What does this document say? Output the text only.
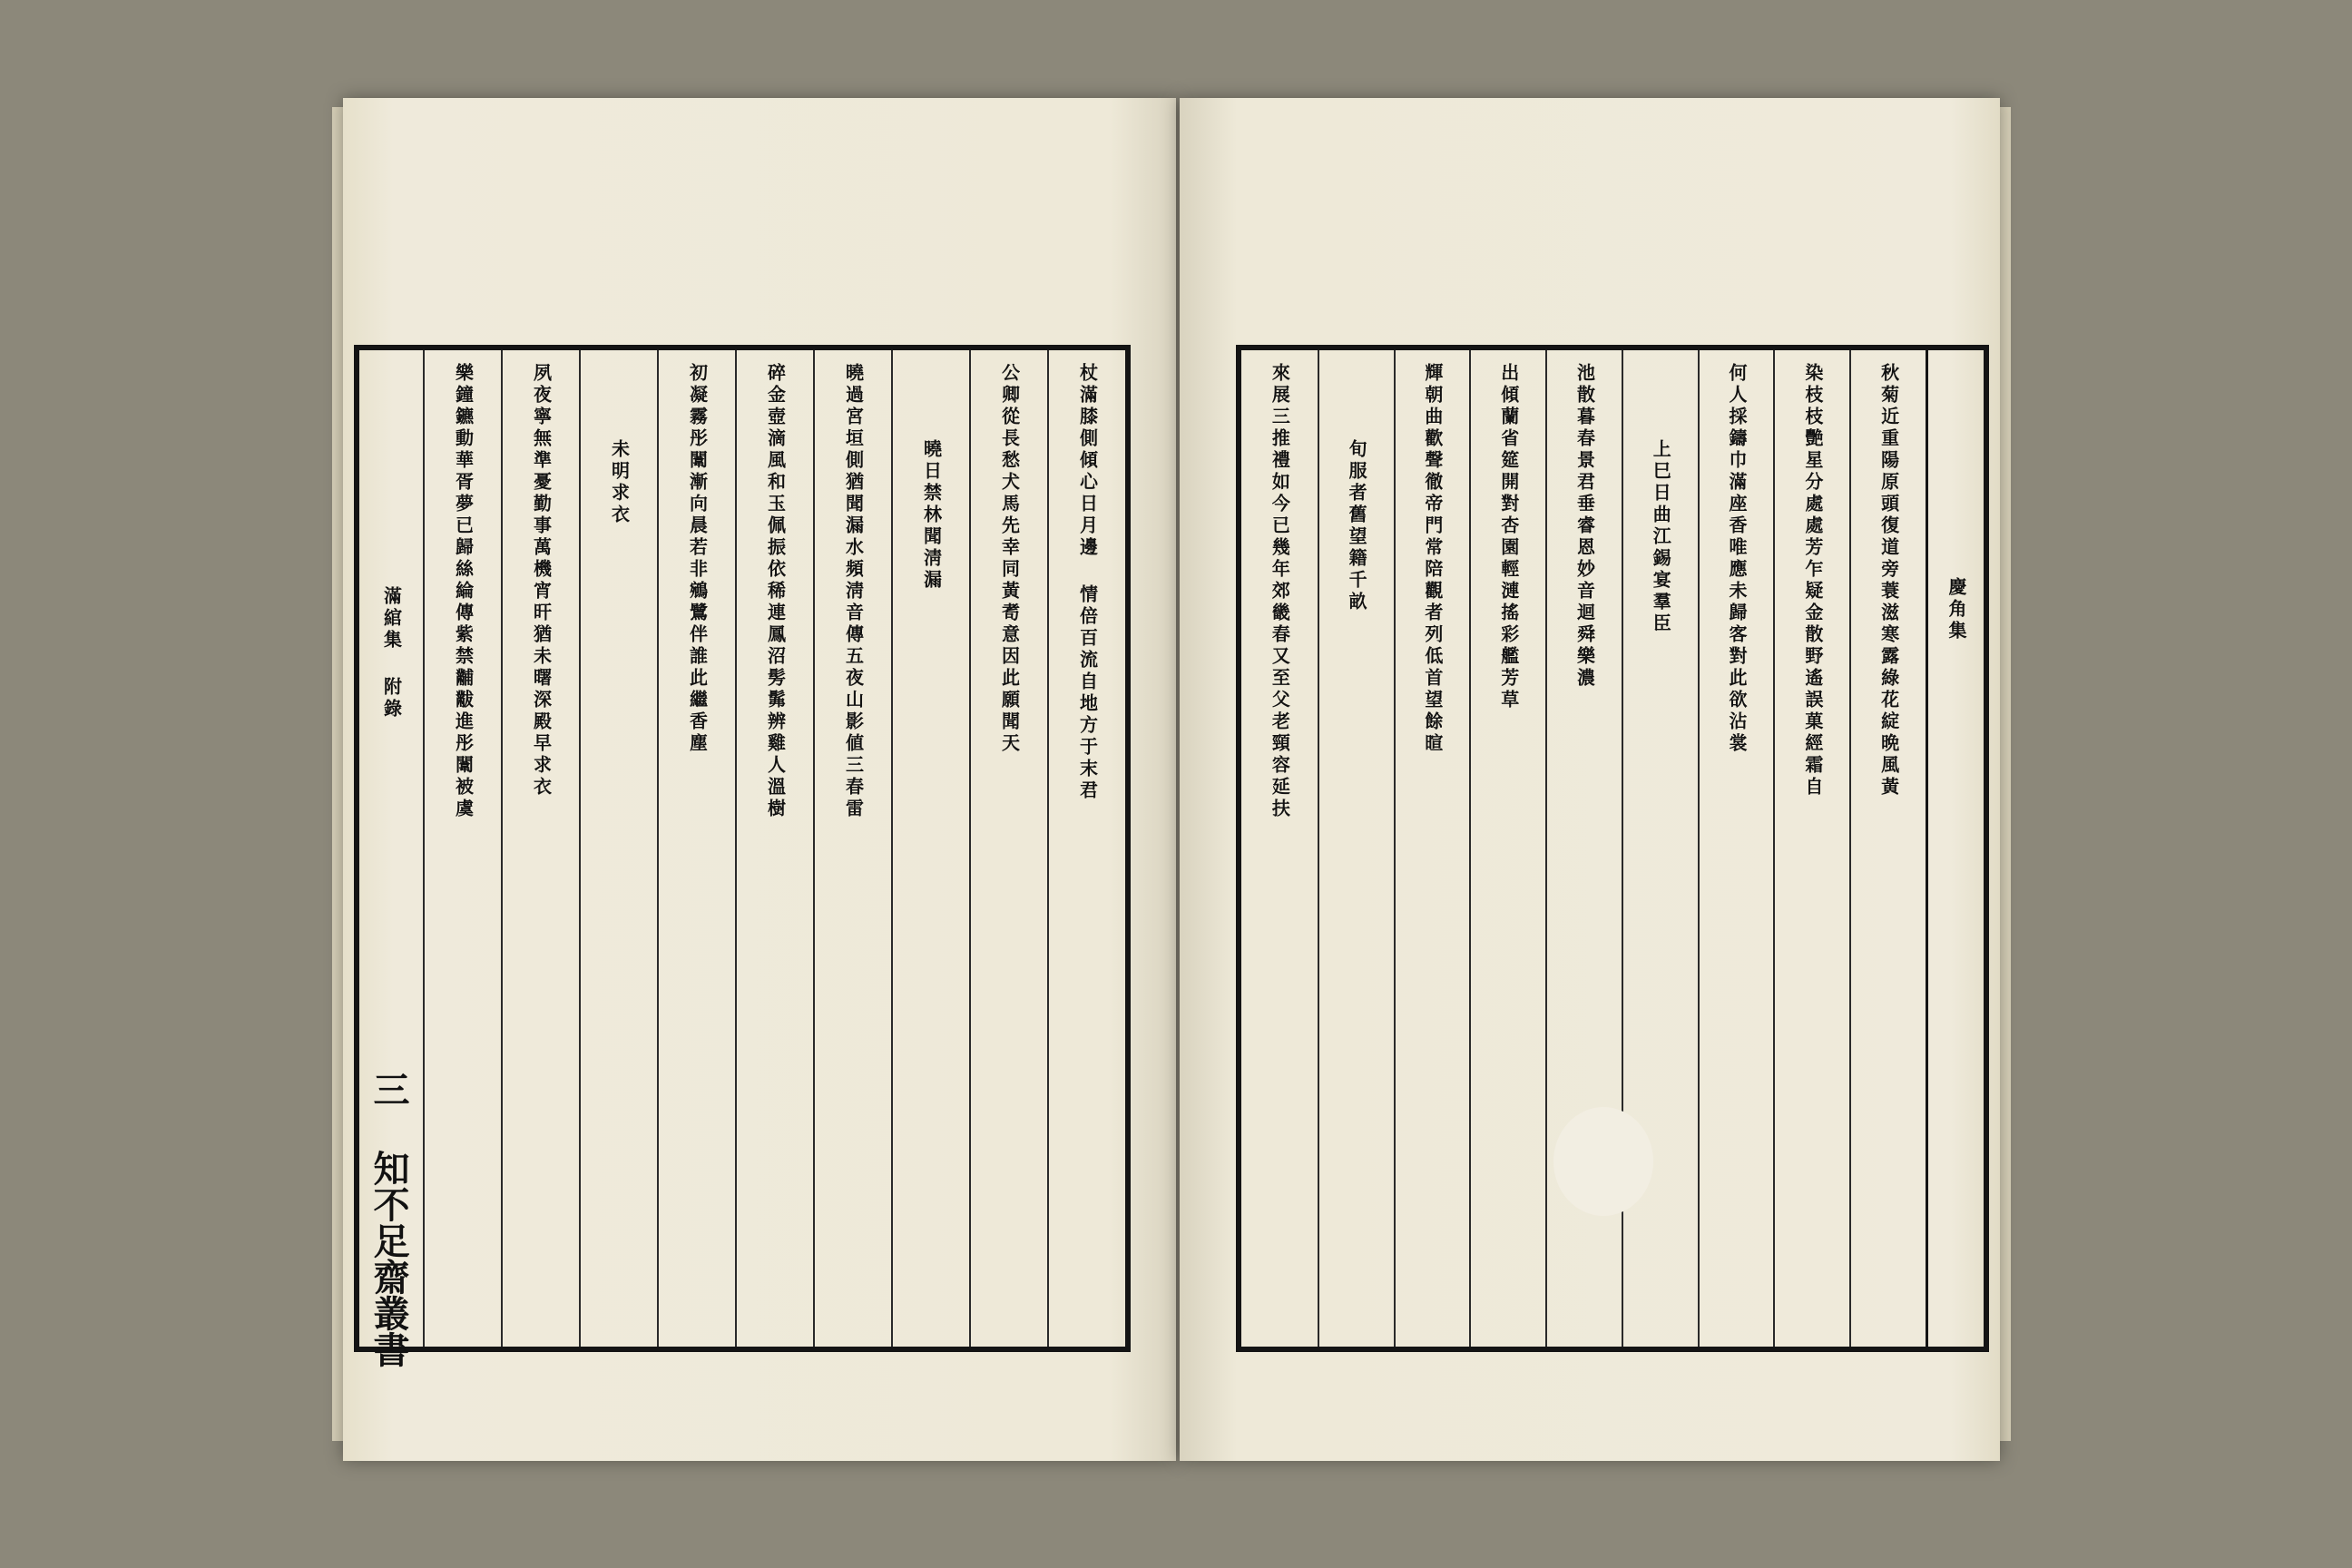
杖滿膝側傾心日月邊 情倍百流自地方于末君
公卿從長愁犬馬先幸同黃耉意因此願聞天
曉日禁林聞淸漏
曉過宮垣側猶聞漏水頻淸音傳五夜山影値三春雷
碎金壺滴風和玉佩振依稀連鳳沼髣髴辨雞人溫樹
初凝霧彤闈漸向晨若非鵷鷺伴誰此繼香塵
未明求衣
夙夜寧無準憂勤事萬機宵旰猶未曙深殿早求衣
樂鐘鑣動華胥夢已歸絲綸傳紫禁黼黻進彤闈被虞
滿綰集 附錄
三 知不足齋叢書
慶角集
秋菊近重陽原頭復道旁蓑滋寒露綠花綻晩風黃
染枝枝艷星分處處芳乍疑金散野遙誤菓經霜自
何人採鑄巾滿座香唯應未歸客對此欲沾裳
上巳日曲江錫宴羣臣
池散暮春景君垂睿恩妙音迴舜樂濃
出傾蘭省筵開對杏園輕漣搖彩艦芳草
輝朝曲歡聲徹帝門常陪觀者列低首望餘暄
旬服者舊望籍千畝
來展三推禮如今已幾年郊畿春又至父老頸容延扶
